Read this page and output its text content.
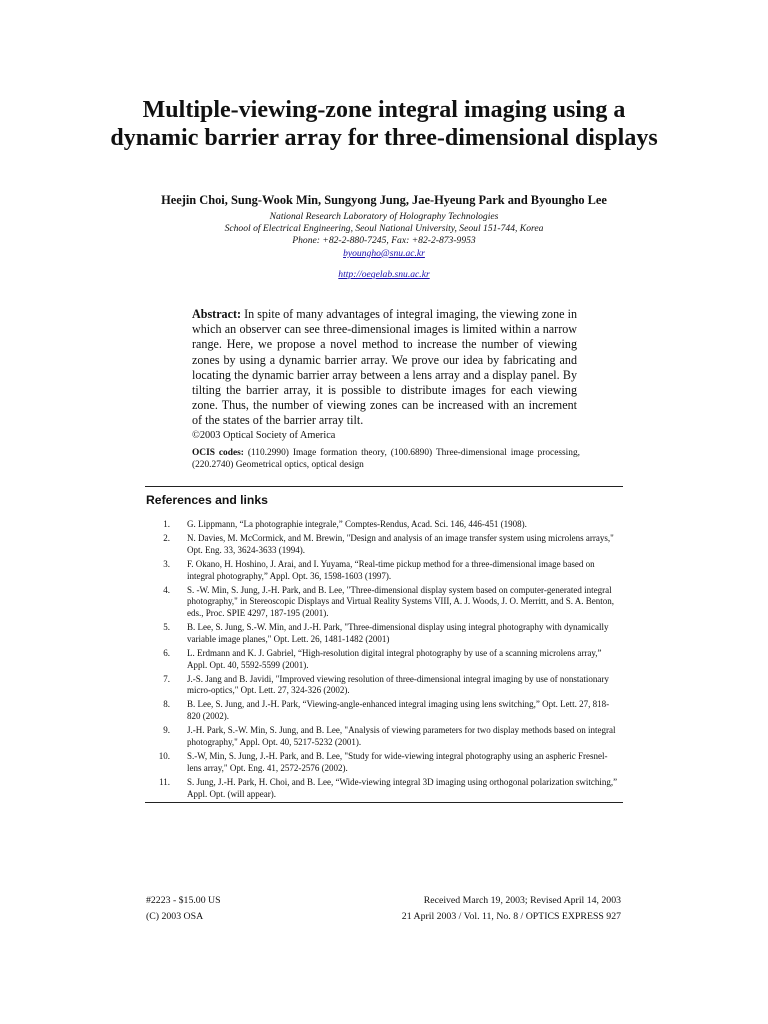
Multiple-viewing-zone integral imaging using a dynamic barrier array for three-dimensional displays

Heejin Choi, Sung-Wook Min, Sungyong Jung, Jae-Hyeung Park and Byoungho Lee

National Research Laboratory of Holography Technologies
School of Electrical Engineering, Seoul National University, Seoul 151-744, Korea
Phone: +82-2-880-7245, Fax: +82-2-873-9953
byoungho@snu.ac.kr
http://oeqelab.snu.ac.kr

Abstract: In spite of many advantages of integral imaging, the viewing zone in which an observer can see three-dimensional images is limited within a narrow range. Here, we propose a novel method to increase the number of viewing zones by using a dynamic barrier array. We prove our idea by fabricating and locating the dynamic barrier array between a lens array and a display panel. By tilting the barrier array, it is possible to distribute images for each viewing zone. Thus, the number of viewing zones can be increased with an increment of the states of the barrier array tilt.

©2003 Optical Society of America

OCIS codes: (110.2990) Image formation theory, (100.6890) Three-dimensional image processing, (220.2740) Geometrical optics, optical design

References and links
1. G. Lippmann, “La photographie integrale,” Comptes-Rendus, Acad. Sci. 146, 446-451 (1908).
2. N. Davies, M. McCormick, and M. Brewin, "Design and analysis of an image transfer system using microlens arrays," Opt. Eng. 33, 3624-3633 (1994).
3. F. Okano, H. Hoshino, J. Arai, and I. Yuyama, “Real-time pickup method for a three-dimensional image based on integral photography,” Appl. Opt. 36, 1598-1603 (1997).
4. S. -W. Min, S. Jung, J.-H. Park, and B. Lee, "Three-dimensional display system based on computer-generated integral photography," in Stereoscopic Displays and Virtual Reality Systems VIII, A. J. Woods, J. O. Merritt, and S. A. Benton, eds., Proc. SPIE 4297, 187-195 (2001).
5. B. Lee, S. Jung, S.-W. Min, and J.-H. Park, "Three-dimensional display using integral photography with dynamically variable image planes," Opt. Lett. 26, 1481-1482 (2001)
6. L. Erdmann and K. J. Gabriel, “High-resolution digital integral photography by use of a scanning microlens array,” Appl. Opt. 40, 5592-5599 (2001).
7. J.-S. Jang and B. Javidi, "Improved viewing resolution of three-dimensional integral imaging by use of nonstationary micro-optics," Opt. Lett. 27, 324-326 (2002).
8. B. Lee, S. Jung, and J.-H. Park, “Viewing-angle-enhanced integral imaging using lens switching,” Opt. Lett. 27, 818-820 (2002).
9. J.-H. Park, S.-W. Min, S. Jung, and B. Lee, "Analysis of viewing parameters for two display methods based on integral photography," Appl. Opt. 40, 5217-5232 (2001).
10. S.-W, Min, S. Jung, J.-H. Park, and B. Lee, "Study for wide-viewing integral photography using an aspheric Fresnel-lens array," Opt. Eng. 41, 2572-2576 (2002).
11. S. Jung, J.-H. Park, H. Choi, and B. Lee, “Wide-viewing integral 3D imaging using orthogonal polarization switching,” Appl. Opt. (will appear).
#2223 - $15.00 US
(C) 2003 OSA
Received March 19, 2003; Revised April 14, 2003
21 April 2003 / Vol. 11, No. 8 / OPTICS EXPRESS 927
